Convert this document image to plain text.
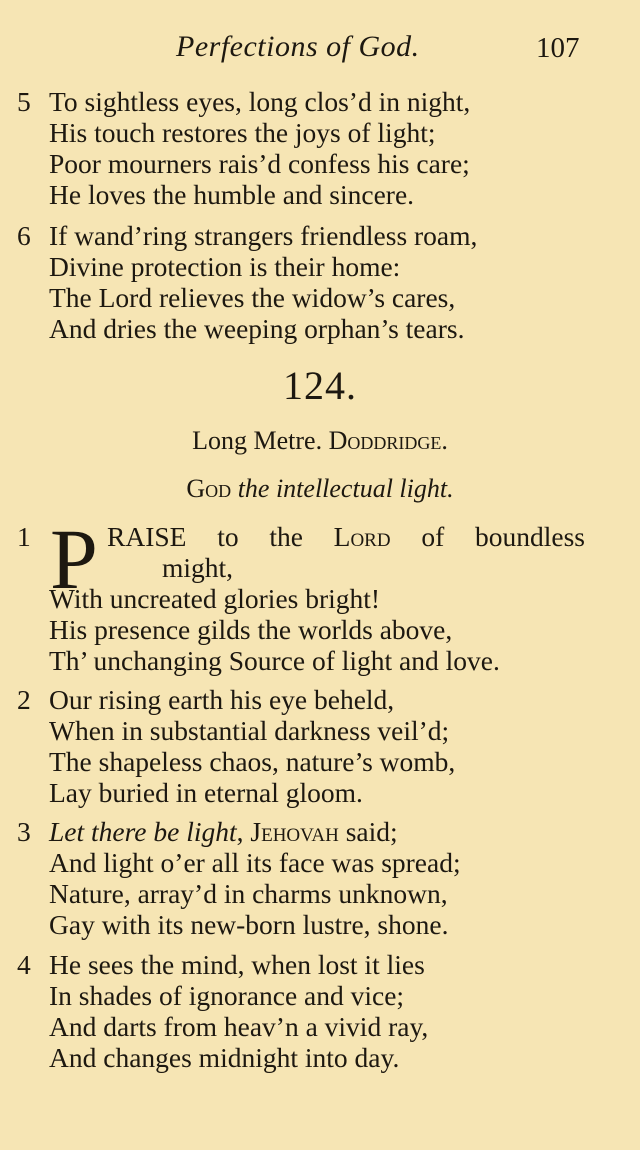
Perfections of God.	107
5 To sightless eyes, long clos’d in night,
His touch restores the joys of light;
Poor mourners rais’d confess his care;
He loves the humble and sincere.
6 If wand’ring strangers friendless roam,
Divine protection is their home:
The Lord relieves the widow’s cares,
And dries the weeping orphan’s tears.
124.
Long Metre. Doddridge.
God the intellectual light.
1 P RAISE to the Lord of boundless
might,
With uncreated glories bright!
His presence gilds the worlds above,
Th’ unchanging Source of light and love.
2 Our rising earth his eye beheld,
When in substantial darkness veil’d;
The shapeless chaos, nature’s womb,
Lay buried in eternal gloom.
3 Let there be light, Jehovah said;
And light o’er all its face was spread;
Nature, array’d in charms unknown,
Gay with its new-born lustre, shone.
4 He sees the mind, when lost it lies
In shades of ignorance and vice;
And darts from heav’n a vivid ray,
And changes midnight into day.
